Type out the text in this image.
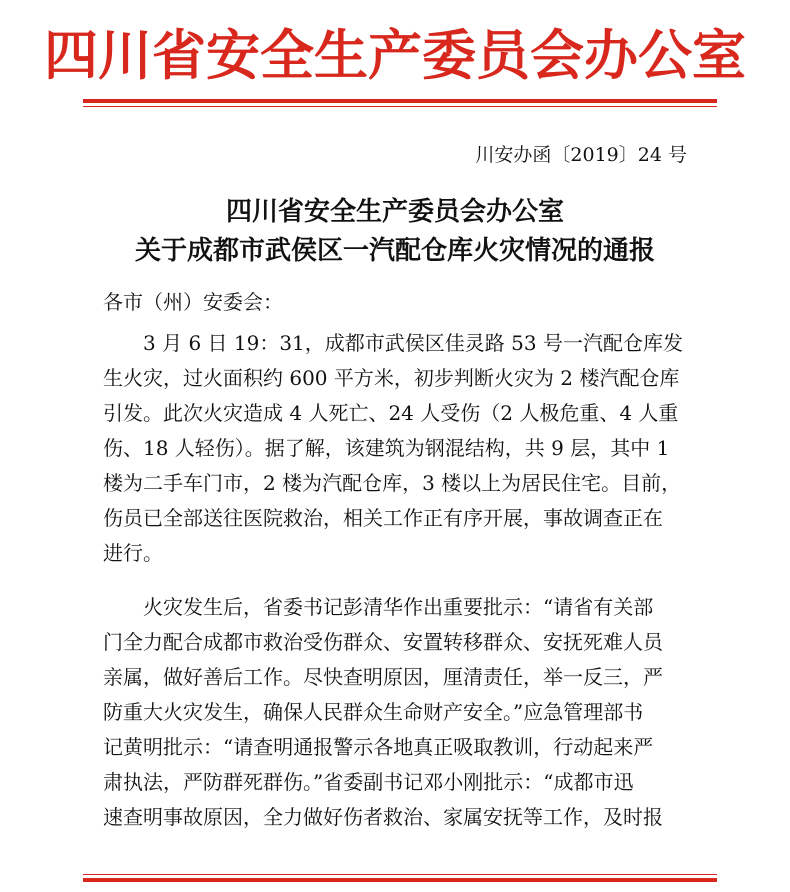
四川省安全生产委员会办公室
川安办函〔2019〕24 号
四川省安全生产委员会办公室
关于成都市武侯区一汽配仓库火灾情况的通报
各市（州）安委会：
　　3 月 6 日 19：31，成都市武侯区佳灵路 53 号一汽配仓库发
生火灾，过火面积约 600 平方米，初步判断火灾为 2 楼汽配仓库
引发。此次火灾造成 4 人死亡、24 人受伤（2 人极危重、4 人重
伤、18 人轻伤）。据了解，该建筑为钢混结构，共 9 层，其中 1
楼为二手车门市，2 楼为汽配仓库，3 楼以上为居民住宅。目前，
伤员已全部送往医院救治，相关工作正有序开展，事故调查正在
进行。
　　火灾发生后，省委书记彭清华作出重要批示：“请省有关部
门全力配合成都市救治受伤群众、安置转移群众、安抚死难人员
亲属，做好善后工作。尽快查明原因，厘清责任，举一反三，严
防重大火灾发生，确保人民群众生命财产安全。”应急管理部书
记黄明批示：“请查明通报警示各地真正吸取教训，行动起来严
肃执法，严防群死群伤。”省委副书记邓小刚批示：“成都市迅
速查明事故原因，全力做好伤者救治、家属安抚等工作，及时报
